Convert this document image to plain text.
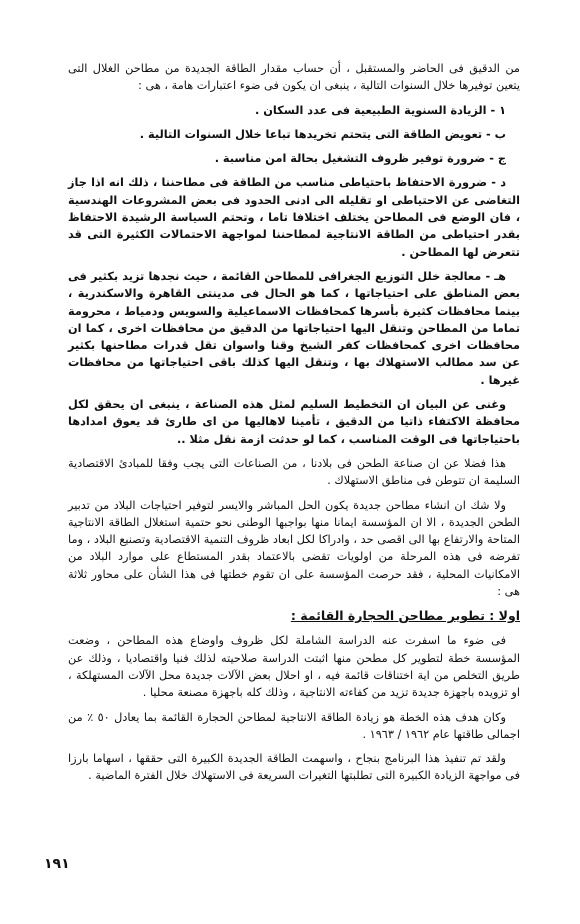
من الدقيق فى الحاضر والمستقبل ، أن حساب مقدار الطاقة الجديدة من مطاحن الغلال التى يتعين توفيرها خلال السنوات التالية ، ينبغى ان يكون فى ضوء اعتبارات هامة ، هى :

١ - الزيادة السنوية الطبيعية فى عدد السكان .

ب - تعويض الطاقة التى يتحتم تخريدها تباعا خلال السنوات التالية .

ج - ضرورة توفير ظروف التشغيل بحالة امن مناسبة .

د - ضرورة الاحتفاظ باحتياطى مناسب من الطاقة فى مطاحننا ، ذلك انه اذا جاز التغاضى عن الاحتياطى او تقليله الى ادنى الحدود فى بعض المشروعات الهندسية ، فان الوضع فى المطاحن يختلف اختلافا تاما ، وتحتم السياسة الرشيدة الاحتفاظ بقدر احتياطى من الطاقة الانتاجية لمطاحننا لمواجهة الاحتمالات الكثيرة التى قد تتعرض لها المطاحن .

هـ - معالجة خلل التوزيع الجغرافى للمطاحن القائمة ، حيث نجدها تزيد بكثير فى بعض المناطق على احتياجاتها ، كما هو الحال فى مدينتى القاهرة والاسكندرية ، بينما محافظات كثيرة بأسرها كمحافظات الاسماعيلية والسويس ودمياط ، محرومة تماما من المطاحن وتنقل اليها احتياجاتها من الدقيق من محافظات اخرى ، كما ان محافظات اخرى كمحافظات كفر الشيخ وقنا واسوان تقل قدرات مطاحنها بكثير عن سد مطالب الاستهلاك بها ، وتنقل اليها كذلك باقى احتياجاتها من محافظات غيرها .

وغنى عن البيان ان التخطيط السليم لمثل هذه الصناعة ، ينبغى ان يحقق لكل محافظة الاكتفاء ذاتيا من الدقيق ، تأمينا لاهاليها من اى طارئ قد يعوق امدادها باحتياجاتها فى الوقت المناسب ، كما لو حدثت ازمة نقل مثلا ..

هذا فضلا عن ان صناعة الطحن فى بلادنا ، من الصناعات التى يجب وفقا للمبادئ الاقتصادية السليمة ان تتوطن فى مناطق الاستهلاك .

ولا شك ان انشاء مطاحن جديدة يكون الحل المباشر والايسر لتوفير احتياجات البلاد من تدبير الطحن الجديدة ، الا ان المؤسسة ايمانا منها بواجبها الوطنى نحو حتمية استغلال الطاقة الانتاجية المتاحة والارتفاع بها الى اقصى حد ، وادراكا لكل ابعاد ظروف التنمية الاقتصادية وتصنيع البلاد ، وما تفرضه فى هذه المرحلة من اولويات تقضى بالاعتماد بقدر المستطاع على موارد البلاد من الامكانيات المحلية ، فقد حرصت المؤسسة على ان تقوم خطتها فى هذا الشأن على محاور ثلاثة هى :

اولا : تطوير مطاحن الحجارة القائمة :

فى ضوء ما اسفرت عنه الدراسة الشاملة لكل ظروف واوضاع هذه المطاحن ، وضعت المؤسسة خطة لتطوير كل مطحن منها اثبتت الدراسة صلاحيته لذلك فنيا واقتصاديا ، وذلك عن طريق التخلص من اية اختناقات قائمة فيه ، او احلال بعض الآلات جديدة محل الآلات المستهلكة ، او تزويده باجهزة جديدة تزيد من كفاءته الانتاجية ، وذلك كله باجهزة مصنعة محليا .

وكان هدف هذه الخطة هو زيادة الطاقة الانتاجية لمطاحن الحجارة القائمة بما يعادل ٥٠ ٪ من اجمالى طاقتها عام ١٩٦٢ / ١٩٦٣ .

ولقد تم تنفيذ هذا البرنامج بنجاح ، واسهمت الطاقة الجديدة الكبيرة التى حققها ، اسهاما بارزا فى مواجهة الزيادة الكبيرة التى تطلبتها التغيرات السريعة فى الاستهلاك خلال الفترة الماضية .

١٩١
